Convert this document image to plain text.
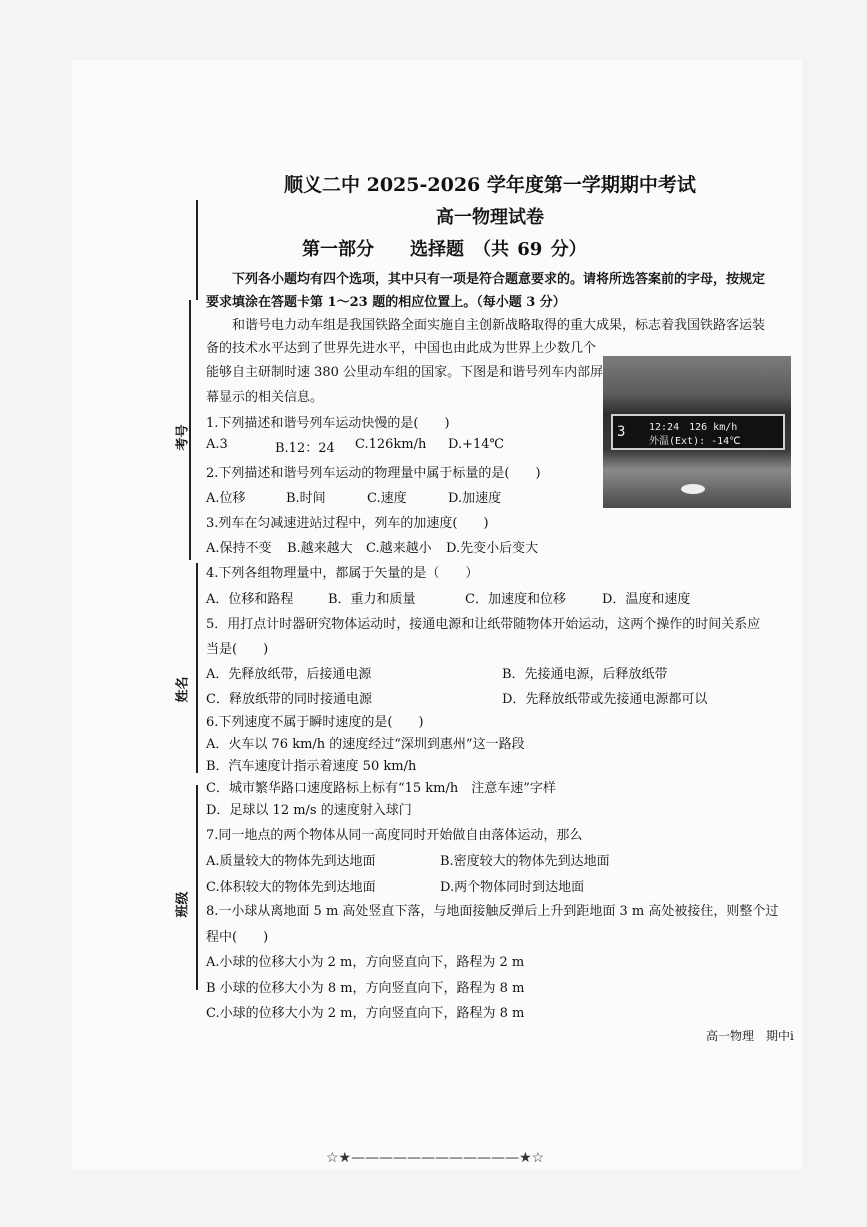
考号
姓名
班级
顺义二中 2025-2026 学年度第一学期期中考试
高一物理试卷
第一部分　　选择题　（共 69 分）
下列各小题均有四个选项，其中只有一项是符合题意要求的。请将所选答案前的字母，按规定
要求填涂在答题卡第 1～23 题的相应位置上。（每小题 3 分）
和谐号电力动车组是我国铁路全面实施自主创新战略取得的重大成果，标志着我国铁路客运装
备的技术水平达到了世界先进水平，中国也由此成为世界上少数几个
能够自主研制时速 380 公里动车组的国家。下图是和谐号列车内部屏
幕显示的相关信息。
3 12:24　126 km/h
外温(Ext): -14℃
1.下列描述和谐号列车运动快慢的是(　　)
A.3	B.12：24 C.126km/h D.+14℃
2.下列描述和谐号列车运动的物理量中属于标量的是(　　)
A.位移	B.时间	C.速度	D.加速度
3.列车在匀减速进站过程中，列车的加速度(　　)
A.保持不变 B.越来越大 C.越来越小 D.先变小后变大
4.下列各组物理量中，都属于矢量的是（　　）
A．位移和路程	B．重力和质量	C．加速度和位移	D．温度和速度
5．用打点计时器研究物体运动时，接通电源和让纸带随物体开始运动，这两个操作的时间关系应
当是(　　)
A．先释放纸带，后接通电源	B．先接通电源，后释放纸带
C．释放纸带的同时接通电源	D．先释放纸带或先接通电源都可以
6.下列速度不属于瞬时速度的是(　　)
A．火车以 76 km/h 的速度经过“深圳到惠州”这一路段
B．汽车速度计指示着速度 50 km/h
C．城市繁华路口速度路标上标有“15 km/h　注意车速”字样
D．足球以 12 m/s 的速度射入球门
7.同一地点的两个物体从同一高度同时开始做自由落体运动，那么
A.质量较大的物体先到达地面	B.密度较大的物体先到达地面
C.体积较大的物体先到达地面	D.两个物体同时到达地面
8.一小球从离地面 5 m 高处竖直下落，与地面接触反弹后上升到距地面 3 m 高处被接住，则整个过
程中(　　)
A.小球的位移大小为 2 m，方向竖直向下，路程为 2 m
B 小球的位移大小为 8 m，方向竖直向下，路程为 8 m
C.小球的位移大小为 2 m，方向竖直向下，路程为 8 m
高一物理　期中i
☆★————————————★☆
